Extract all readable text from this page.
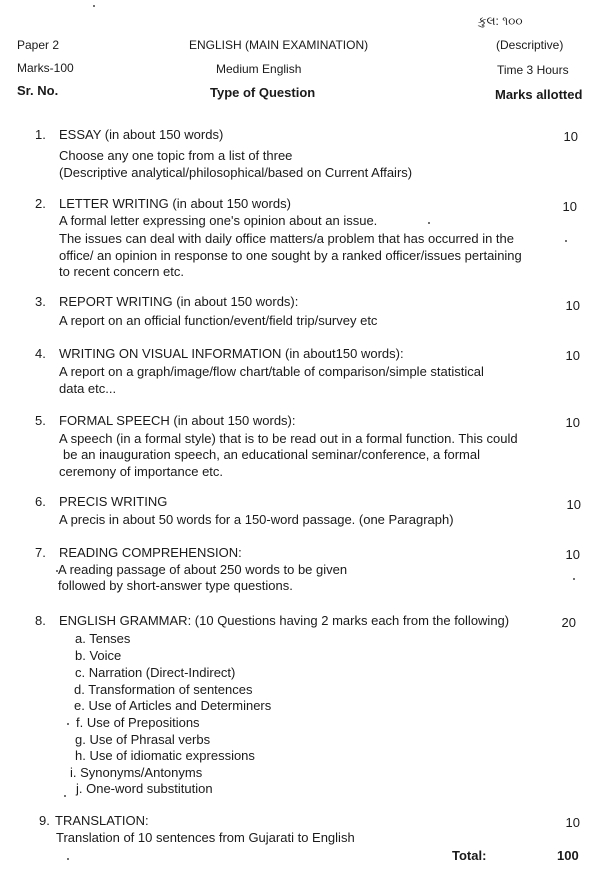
કુલ: ૧૦૦
Paper 2	ENGLISH (MAIN EXAMINATION)	(Descriptive)
Marks-100	Medium English	Time 3 Hours
Sr. No.	Type of Question	Marks allotted
1. ESSAY (in about 150 words)	10
Choose any one topic from a list of three
(Descriptive analytical/philosophical/based on Current Affairs)
2. LETTER WRITING (in about 150 words)	10
A formal letter expressing one's opinion about an issue.
The issues can deal with daily office matters/a problem that has occurred in the
office/ an opinion in response to one sought by a ranked officer/issues pertaining
to recent concern etc.
3. REPORT WRITING (in about 150 words):	10
A report on an official function/event/field trip/survey etc
4. WRITING ON VISUAL INFORMATION (in about150 words):	10
A report on a graph/image/flow chart/table of comparison/simple statistical
data etc...
5. FORMAL SPEECH (in about 150 words):	10
A speech (in a formal style) that is to be read out in a formal function. This could
be an inauguration speech, an educational seminar/conference, a formal
ceremony of importance etc.
6. PRECIS WRITING	10
A precis in about 50 words for a 150-word passage. (one Paragraph)
7. READING COMPREHENSION:	10
A reading passage of about 250 words to be given
followed by short-answer type questions.
8. ENGLISH GRAMMAR: (10 Questions having 2 marks each from the following)	20
a. Tenses
b. Voice
c. Narration (Direct-Indirect)
d. Transformation of sentences
e. Use of Articles and Determiners
f. Use of Prepositions
g. Use of Phrasal verbs
h. Use of idiomatic expressions
i. Synonyms/Antonyms
j. One-word substitution
9. TRANSLATION:	10
Translation of 10 sentences from Gujarati to English
Total:	100
